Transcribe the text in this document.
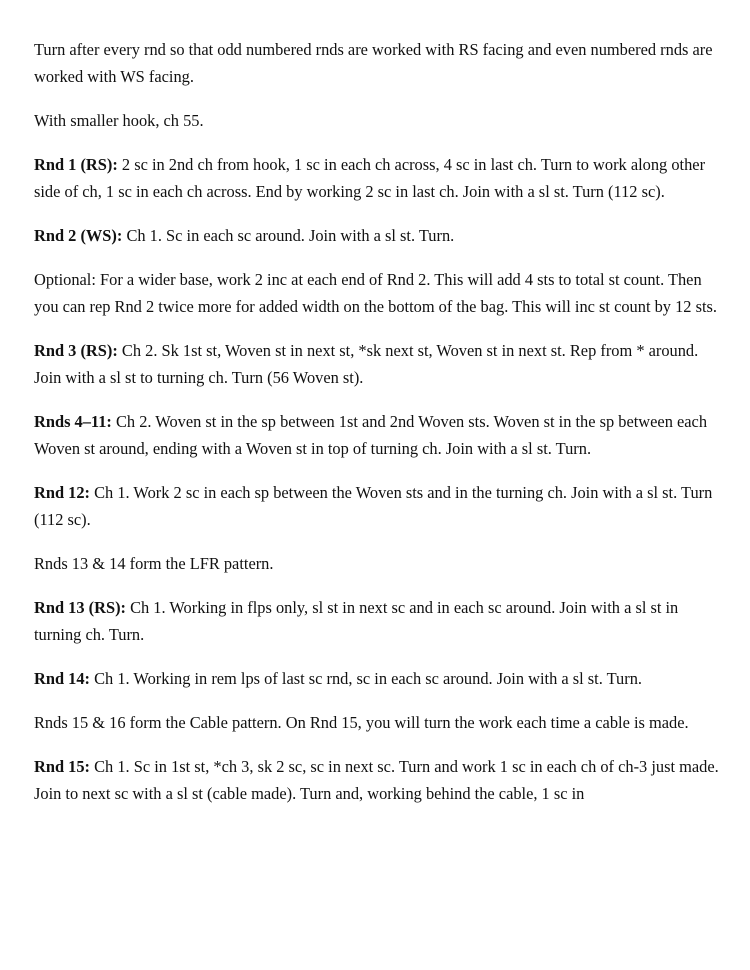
Turn after every rnd so that odd numbered rnds are worked with RS facing and even numbered rnds are worked with WS facing.

With smaller hook, ch 55.

Rnd 1 (RS): 2 sc in 2nd ch from hook, 1 sc in each ch across, 4 sc in last ch. Turn to work along other side of ch, 1 sc in each ch across. End by working 2 sc in last ch. Join with a sl st. Turn (112 sc).

Rnd 2 (WS): Ch 1. Sc in each sc around. Join with a sl st. Turn.

Optional: For a wider base, work 2 inc at each end of Rnd 2. This will add 4 sts to total st count. Then you can rep Rnd 2 twice more for added width on the bottom of the bag. This will inc st count by 12 sts.

Rnd 3 (RS): Ch 2. Sk 1st st, Woven st in next st, *sk next st, Woven st in next st. Rep from * around. Join with a sl st to turning ch. Turn (56 Woven st).

Rnds 4–11: Ch 2. Woven st in the sp between 1st and 2nd Woven sts. Woven st in the sp between each Woven st around, ending with a Woven st in top of turning ch. Join with a sl st. Turn.

Rnd 12: Ch 1. Work 2 sc in each sp between the Woven sts and in the turning ch. Join with a sl st. Turn (112 sc).

Rnds 13 & 14 form the LFR pattern.

Rnd 13 (RS): Ch 1. Working in flps only, sl st in next sc and in each sc around. Join with a sl st in turning ch. Turn.

Rnd 14: Ch 1. Working in rem lps of last sc rnd, sc in each sc around. Join with a sl st. Turn.

Rnds 15 & 16 form the Cable pattern. On Rnd 15, you will turn the work each time a cable is made.

Rnd 15: Ch 1. Sc in 1st st, *ch 3, sk 2 sc, sc in next sc. Turn and work 1 sc in each ch of ch-3 just made. Join to next sc with a sl st (cable made). Turn and, working behind the cable, 1 sc in
